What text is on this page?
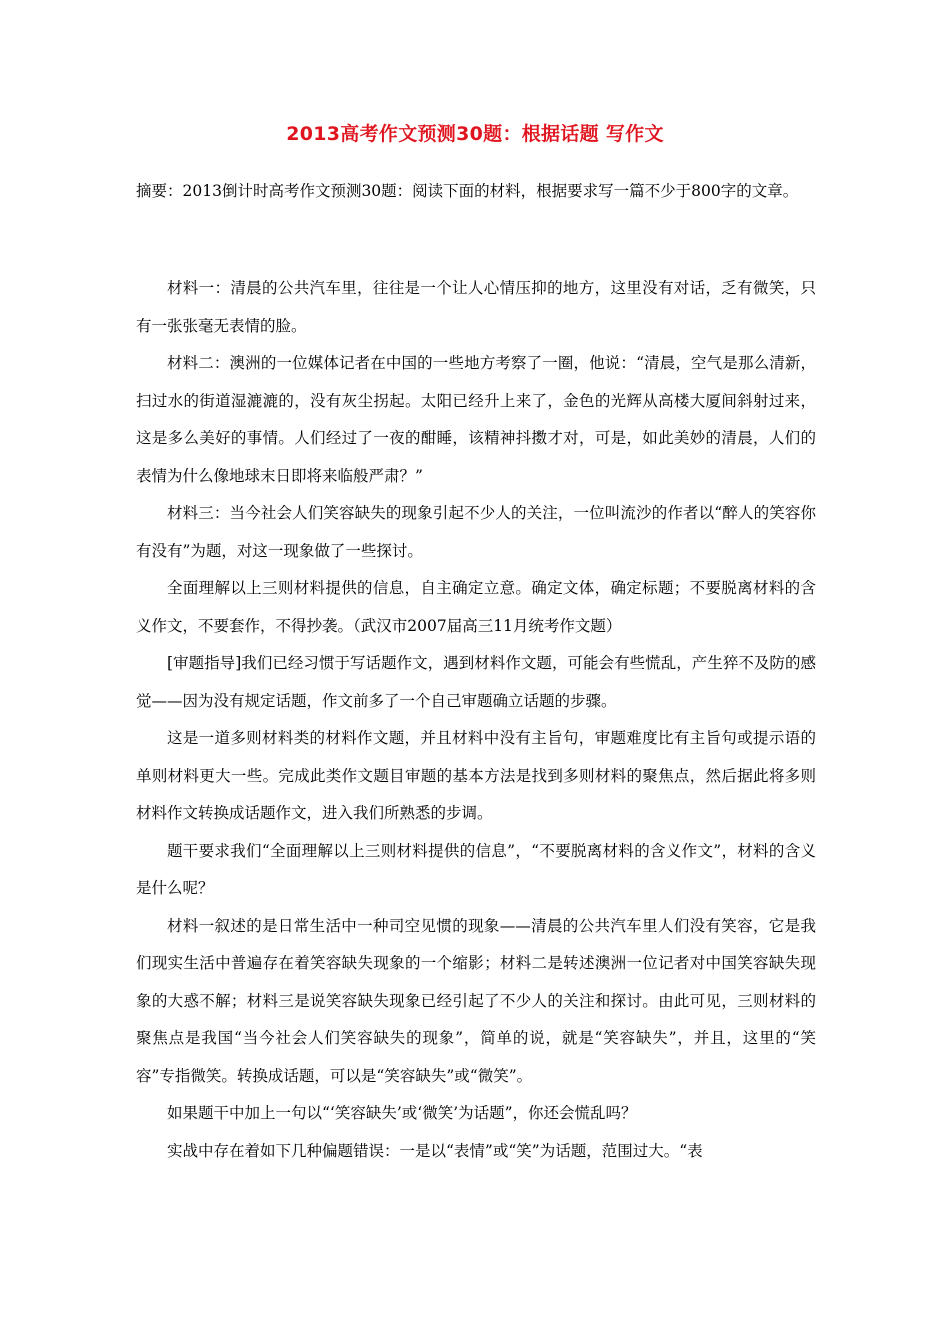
2013高考作文预测30题：根据话题 写作文
摘要：2013倒计时高考作文预测30题：阅读下面的材料，根据要求写一篇不少于800字的文章。

材料一：清晨的公共汽车里，往往是一个让人心情压抑的地方，这里没有对话，乏有微笑，只有一张张毫无表情的脸。

材料二：澳洲的一位媒体记者在中国的一些地方考察了一圈，他说：“清晨，空气是那么清新，扫过水的街道湿漉漉的，没有灰尘拐起。太阳已经升上来了，金色的光辉从高楼大厦间斜射过来，这是多么美好的事情。人们经过了一夜的酣睡，该精神抖擞才对，可是，如此美妙的清晨，人们的表情为什么像地球末日即将来临般严肃？”

材料三：当今社会人们笑容缺失的现象引起不少人的关注，一位叫流沙的作者以“醉人的笑容你有没有”为题，对这一现象做了一些探讨。

全面理解以上三则材料提供的信息，自主确定立意。确定文体，确定标题；不要脱离材料的含义作文，不要套作，不得抄袭。（武汉市2007届高三11月统考作文题）

[审题指导]我们已经习惯于写话题作文，遇到材料作文题，可能会有些慌乱，产生猝不及防的感觉——因为没有规定话题，作文前多了一个自己审题确立话题的步骤。

这是一道多则材料类的材料作文题，并且材料中没有主旨句，审题难度比有主旨句或提示语的单则材料更大一些。完成此类作文题目审题的基本方法是找到多则材料的聚焦点，然后据此将多则材料作文转换成话题作文，进入我们所熟悉的步调。

题干要求我们“全面理解以上三则材料提供的信息”，“不要脱离材料的含义作文”，材料的含义是什么呢？

材料一叙述的是日常生活中一种司空见惯的现象——清晨的公共汽车里人们没有笑容，它是我们现实生活中普遍存在着笑容缺失现象的一个缩影；材料二是转述澳洲一位记者对中国笑容缺失现象的大惑不解；材料三是说笑容缺失现象已经引起了不少人的关注和探讨。由此可见，三则材料的聚焦点是我国“当今社会人们笑容缺失的现象”，简单的说，就是“笑容缺失”，并且，这里的“笑容”专指微笑。转换成话题，可以是“笑容缺失”或“微笑”。

如果题干中加上一句以“‘笑容缺失’或‘微笑’为话题”，你还会慌乱吗？

实战中存在着如下几种偏题错误：一是以“表情”或“笑”为话题，范围过大。“表
